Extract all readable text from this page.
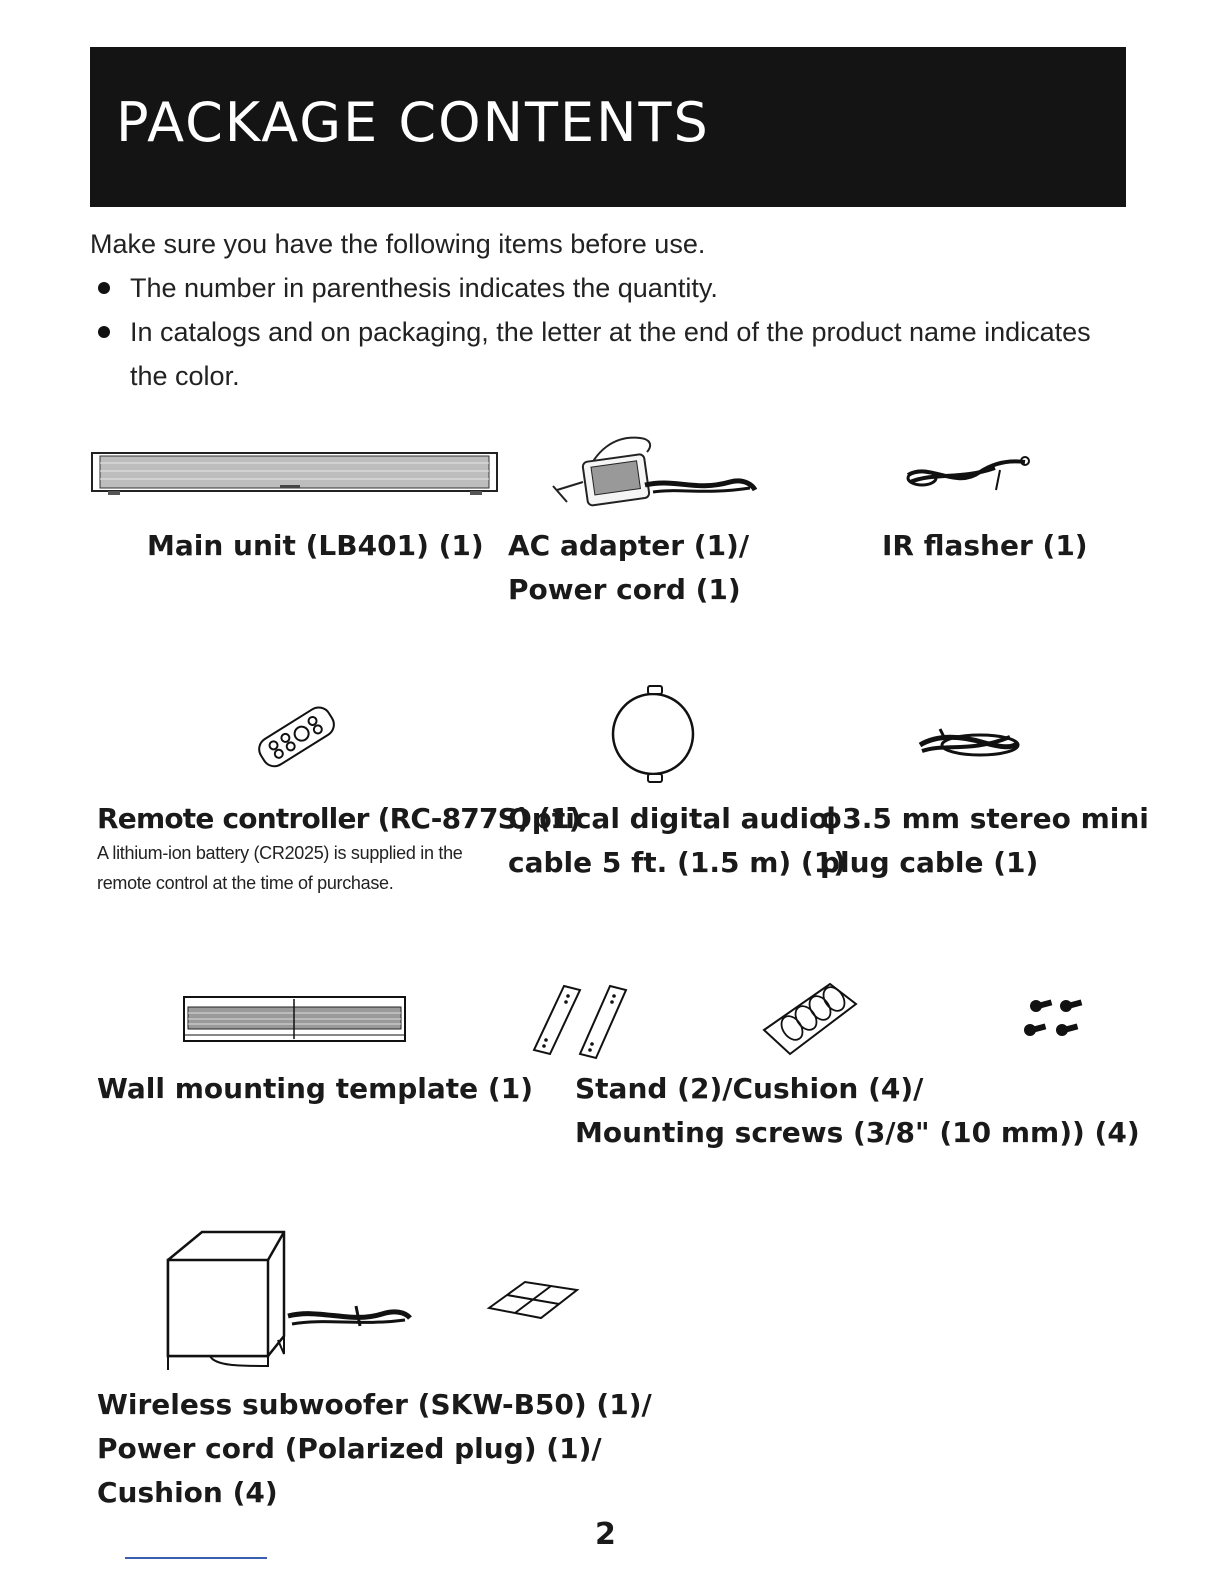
PACKAGE CONTENTS

Make sure you have the following items before use.

The number in parenthesis indicates the quantity.
In catalogs and on packaging, the letter at the end of the product name indicates the color.
Main unit (LB401) (1) AC adapter (1)/
Power cord (1)
IR flasher (1)
Remote controller (RC-877S) (1)
A lithium-ion battery (CR2025) is supplied in the remote control at the time of purchase.
Optical digital audio
cable 5 ft. (1.5 m) (1)
ϕ3.5 mm stereo mini
plug cable (1)
Wall mounting template (1) Stand (2)/Cushion (4)/
Mounting screws (3/8" (10 mm)) (4)
Wireless subwoofer (SKW-B50) (1)/
Power cord (Polarized plug) (1)/
Cushion (4)
2
